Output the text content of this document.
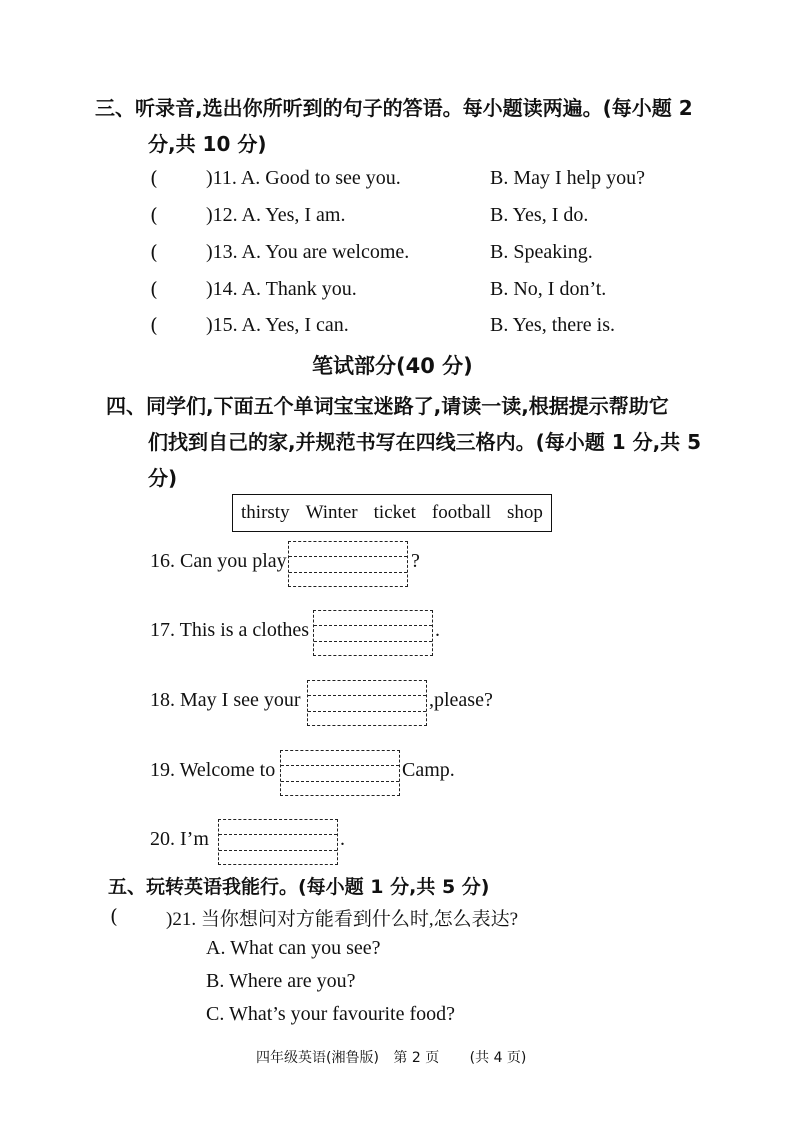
三、听录音,选出你所听到的句子的答语。每小题读两遍。(每小题 2
分,共 10 分)
( )11. A. Good to see you.	B. May I help you?
( )12. A. Yes, I am.	B. Yes, I do.
( )13. A. You are welcome.	B. Speaking.
( )14. A. Thank you.	B. No, I don’t.
( )15. A. Yes, I can.	B. Yes, there is.
笔试部分(40 分)
四、同学们,下面五个单词宝宝迷路了,请读一读,根据提示帮助它
们找到自己的家,并规范书写在四线三格内。(每小题 1 分,共 5
分)
thirsty Winter ticket football shop
16. Can you play	?
17. This is a clothes	.
18. May I see your	,please?
19. Welcome to	Camp.
20. I’m	.
五、玩转英语我能行。(每小题 1 分,共 5 分)
(	)21. 当你想问对方能看到什么时,怎么表达?
A. What can you see?
B. Where are you?
C. What’s your favourite food?
四年级英语(湘鲁版) 第 2 页 (共 4 页)
